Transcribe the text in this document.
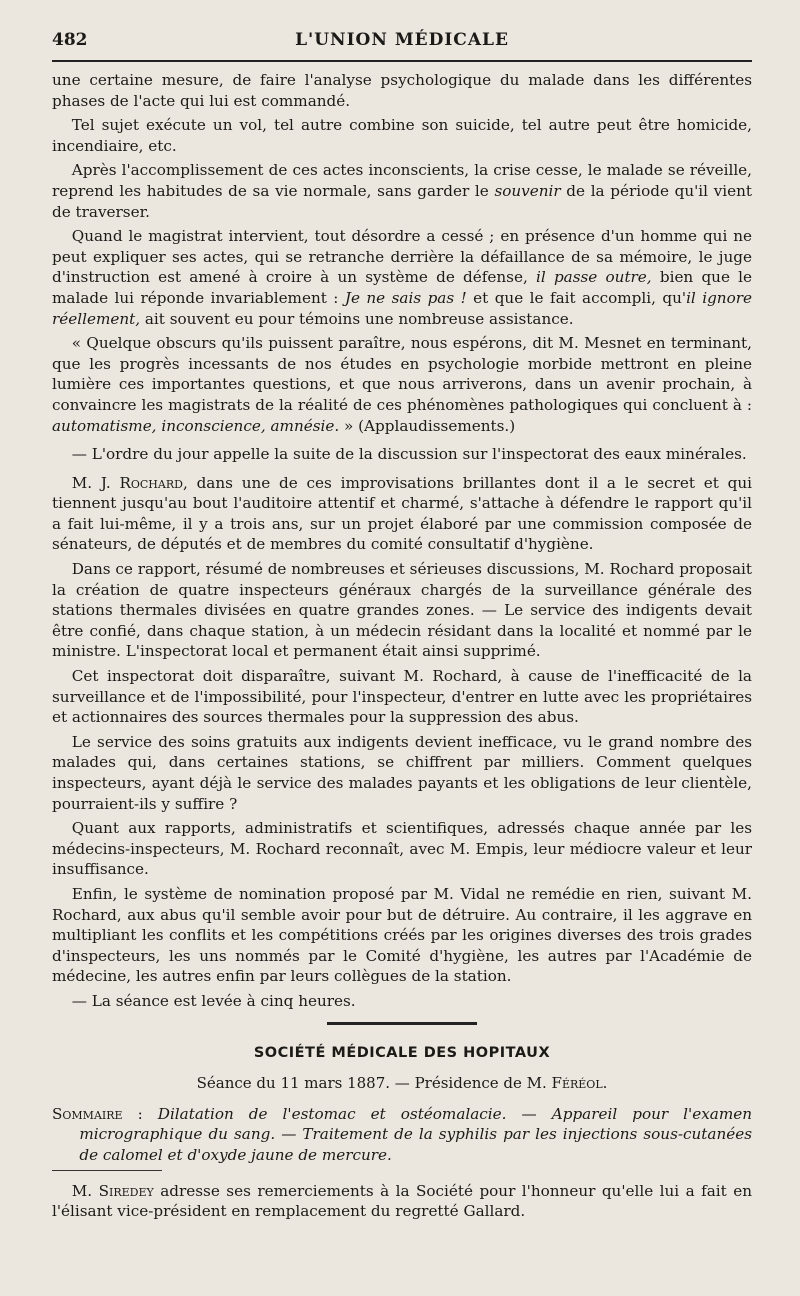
482	L'UNION MÉDICALE

une certaine mesure, de faire l'analyse psychologique du malade dans les différentes phases de l'acte qui lui est commandé.

Tel sujet exécute un vol, tel autre combine son suicide, tel autre peut être homicide, incendiaire, etc.

Après l'accomplissement de ces actes inconscients, la crise cesse, le malade se réveille, reprend les habitudes de sa vie normale, sans garder le souvenir de la période qu'il vient de traverser.

Quand le magistrat intervient, tout désordre a cessé ; en présence d'un homme qui ne peut expliquer ses actes, qui se retranche derrière la défaillance de sa mémoire, le juge d'instruction est amené à croire à un système de défense, il passe outre, bien que le malade lui réponde invariablement : Je ne sais pas ! et que le fait accompli, qu'il ignore réellement, ait souvent eu pour témoins une nombreuse assistance.

« Quelque obscurs qu'ils puissent paraître, nous espérons, dit M. Mesnet en terminant, que les progrès incessants de nos études en psychologie morbide mettront en pleine lumière ces importantes questions, et que nous arriverons, dans un avenir prochain, à convaincre les magistrats de la réalité de ces phénomènes pathologiques qui concluent à : automatisme, inconscience, amnésie. » (Applaudissements.)

— L'ordre du jour appelle la suite de la discussion sur l'inspectorat des eaux minérales.

M. J. Rochard, dans une de ces improvisations brillantes dont il a le secret et qui tiennent jusqu'au bout l'auditoire attentif et charmé, s'attache à défendre le rapport qu'il a fait lui-même, il y a trois ans, sur un projet élaboré par une commission composée de sénateurs, de députés et de membres du comité consultatif d'hygiène.

Dans ce rapport, résumé de nombreuses et sérieuses discussions, M. Rochard proposait la création de quatre inspecteurs généraux chargés de la surveillance générale des stations thermales divisées en quatre grandes zones. — Le service des indigents devait être confié, dans chaque station, à un médecin résidant dans la localité et nommé par le ministre. L'inspectorat local et permanent était ainsi supprimé.

Cet inspectorat doit disparaître, suivant M. Rochard, à cause de l'inefficacité de la surveillance et de l'impossibilité, pour l'inspecteur, d'entrer en lutte avec les propriétaires et actionnaires des sources thermales pour la suppression des abus.

Le service des soins gratuits aux indigents devient inefficace, vu le grand nombre des malades qui, dans certaines stations, se chiffrent par milliers. Comment quelques inspecteurs, ayant déjà le service des malades payants et les obligations de leur clientèle, pourraient-ils y suffire ?

Quant aux rapports, administratifs et scientifiques, adressés chaque année par les médecins-inspecteurs, M. Rochard reconnaît, avec M. Empis, leur médiocre valeur et leur insuffisance.

Enfin, le système de nomination proposé par M. Vidal ne remédie en rien, suivant M. Rochard, aux abus qu'il semble avoir pour but de détruire. Au contraire, il les aggrave en multipliant les conflits et les compétitions créés par les origines diverses des trois grades d'inspecteurs, les uns nommés par le Comité d'hygiène, les autres par l'Académie de médecine, les autres enfin par leurs collègues de la station.

— La séance est levée à cinq heures.

SOCIÉTÉ MÉDICALE DES HOPITAUX
Séance du 11 mars 1887. — Présidence de M. Féréol.

Sommaire : Dilatation de l'estomac et ostéomalacie. — Appareil pour l'examen micrographique du sang. — Traitement de la syphilis par les injections sous-cutanées de calomel et d'oxyde jaune de mercure.

M. Siredey adresse ses remerciements à la Société pour l'honneur qu'elle lui a fait en l'élisant vice-président en remplacement du regretté Gallard.
